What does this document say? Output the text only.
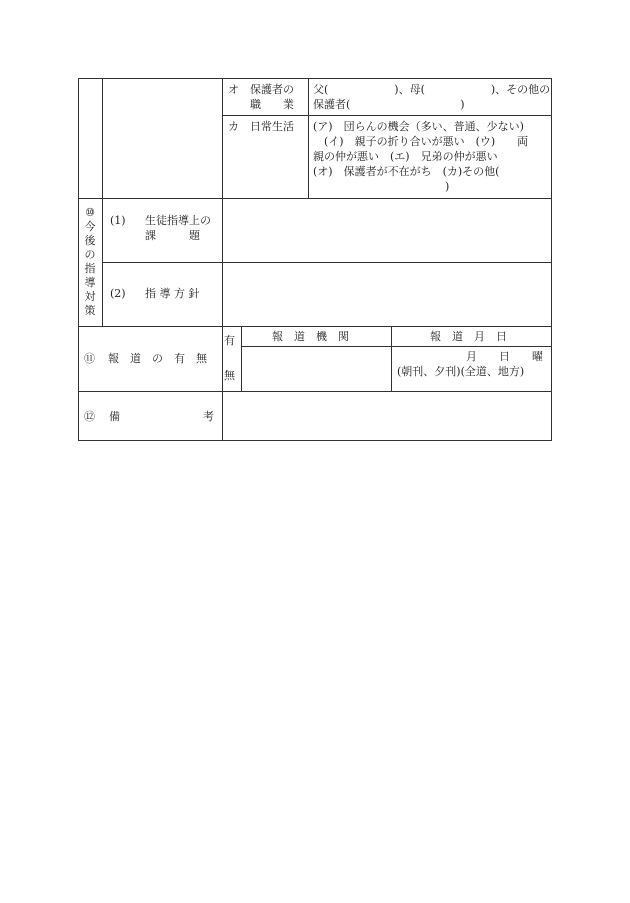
オ 保護者の
職　　業
父(　　　　　　)、母(　　　　　　)、その他の
保護者(　　　　　　　　　　)
カ 日常生活 (ア)　団らんの機会（多い、普通、少ない)
　(イ)　親子の折り合いが悪い　(ウ)　　両
親の仲が悪い　(エ)　兄弟の仲が悪い
(オ)　保護者が不在がち　(カ)その他(
　　　　　　　　　　　　)
⑩
今
後
の
指
導
対
策
(1) 生徒指導上の
課　　　題
(2) 指 導 方 針
⑪ 報　道　の　有　無
有
無
報　道　機　関	報　道　月　日
月　　日　　曜
(朝刊、夕刊)(全道、地方)
⑫ 備	考
